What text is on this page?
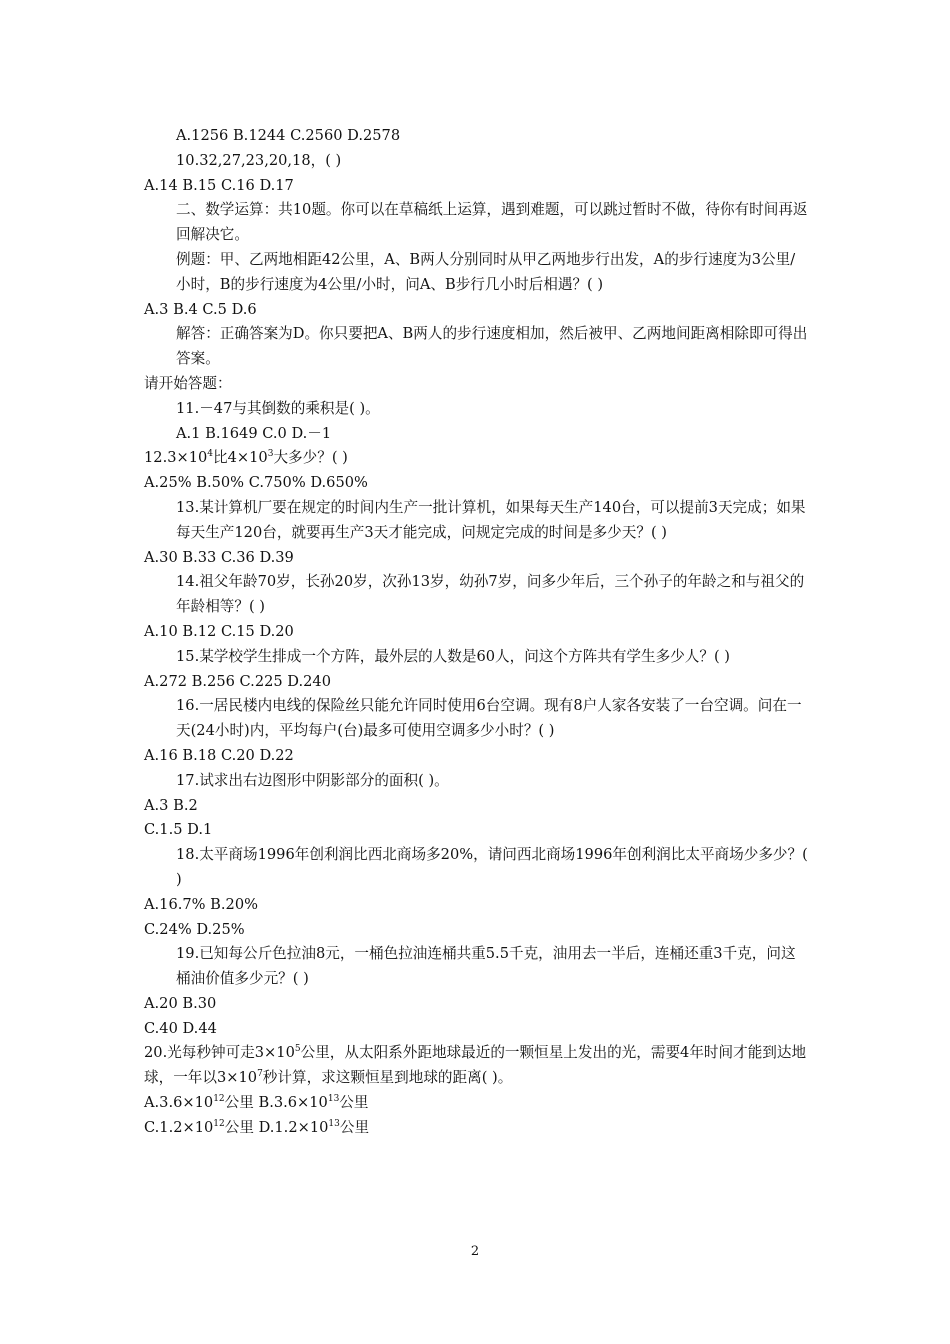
A.1256 B.1244 C.2560 D.2578

10.32,27,23,20,18，( )

A.14 B.15 C.16 D.17

二、数学运算：共10题。你可以在草稿纸上运算，遇到难题，可以跳过暂时不做，待你有时间再返回解决它。

例题：甲、乙两地相距42公里，A、B两人分别同时从甲乙两地步行出发，A的步行速度为3公里/小时，B的步行速度为4公里/小时，问A、B步行几小时后相遇？( )

A.3 B.4 C.5 D.6

解答：正确答案为D。你只要把A、B两人的步行速度相加，然后被甲、乙两地间距离相除即可得出答案。

请开始答题：

11.－47与其倒数的乘积是( )。

A.1 B.1649 C.0 D.－1

$12.3\times 10^4$比$4\times 10^3$大多少？( )

A.25% B.50% C.750% D.650%

13.某计算机厂要在规定的时间内生产一批计算机，如果每天生产140台，可以提前3天完成；如果每天生产120台，就要再生产3天才能完成，问规定完成的时间是多少天？( )

A.30 B.33 C.36 D.39

14.祖父年龄70岁，长孙20岁，次孙13岁，幼孙7岁，问多少年后，三个孙子的年龄之和与祖父的年龄相等？( )

A.10 B.12 C.15 D.20

15.某学校学生排成一个方阵，最外层的人数是60人，问这个方阵共有学生多少人？( )

A.272 B.256 C.225 D.240

16.一居民楼内电线的保险丝只能允许同时使用6台空调。现有8户人家各安装了一台空调。问在一天(24小时)内，平均每户(台)最多可使用空调多少小时？( )

A.16 B.18 C.20 D.22

17.试求出右边图形中阴影部分的面积( )。

A.3 B.2

C.1.5 D.1

18.太平商场1996年创利润比西北商场多20%，请问西北商场1996年创利润比太平商场少多少？( )

A.16.7% B.20%

C.24% D.25%

19.已知每公斤色拉油8元，一桶色拉油连桶共重5.5千克，油用去一半后，连桶还重3千克，问这桶油价值多少元？( )

A.20 B.30

C.40 D.44

20.光每秒钟可走$3\times 10^5$公里，从太阳系外距地球最近的一颗恒星上发出的光，需要4年时间才能到达地球，一年以$3\times 10^7$秒计算，求这颗恒星到地球的距离( )。

$A.3.6\times 10^{12}$公里 $B.3.6\times 10^{13}$公里

$C.1.2\times 10^{12}$公里 $D.1.2\times 10^{13}$公里

2
